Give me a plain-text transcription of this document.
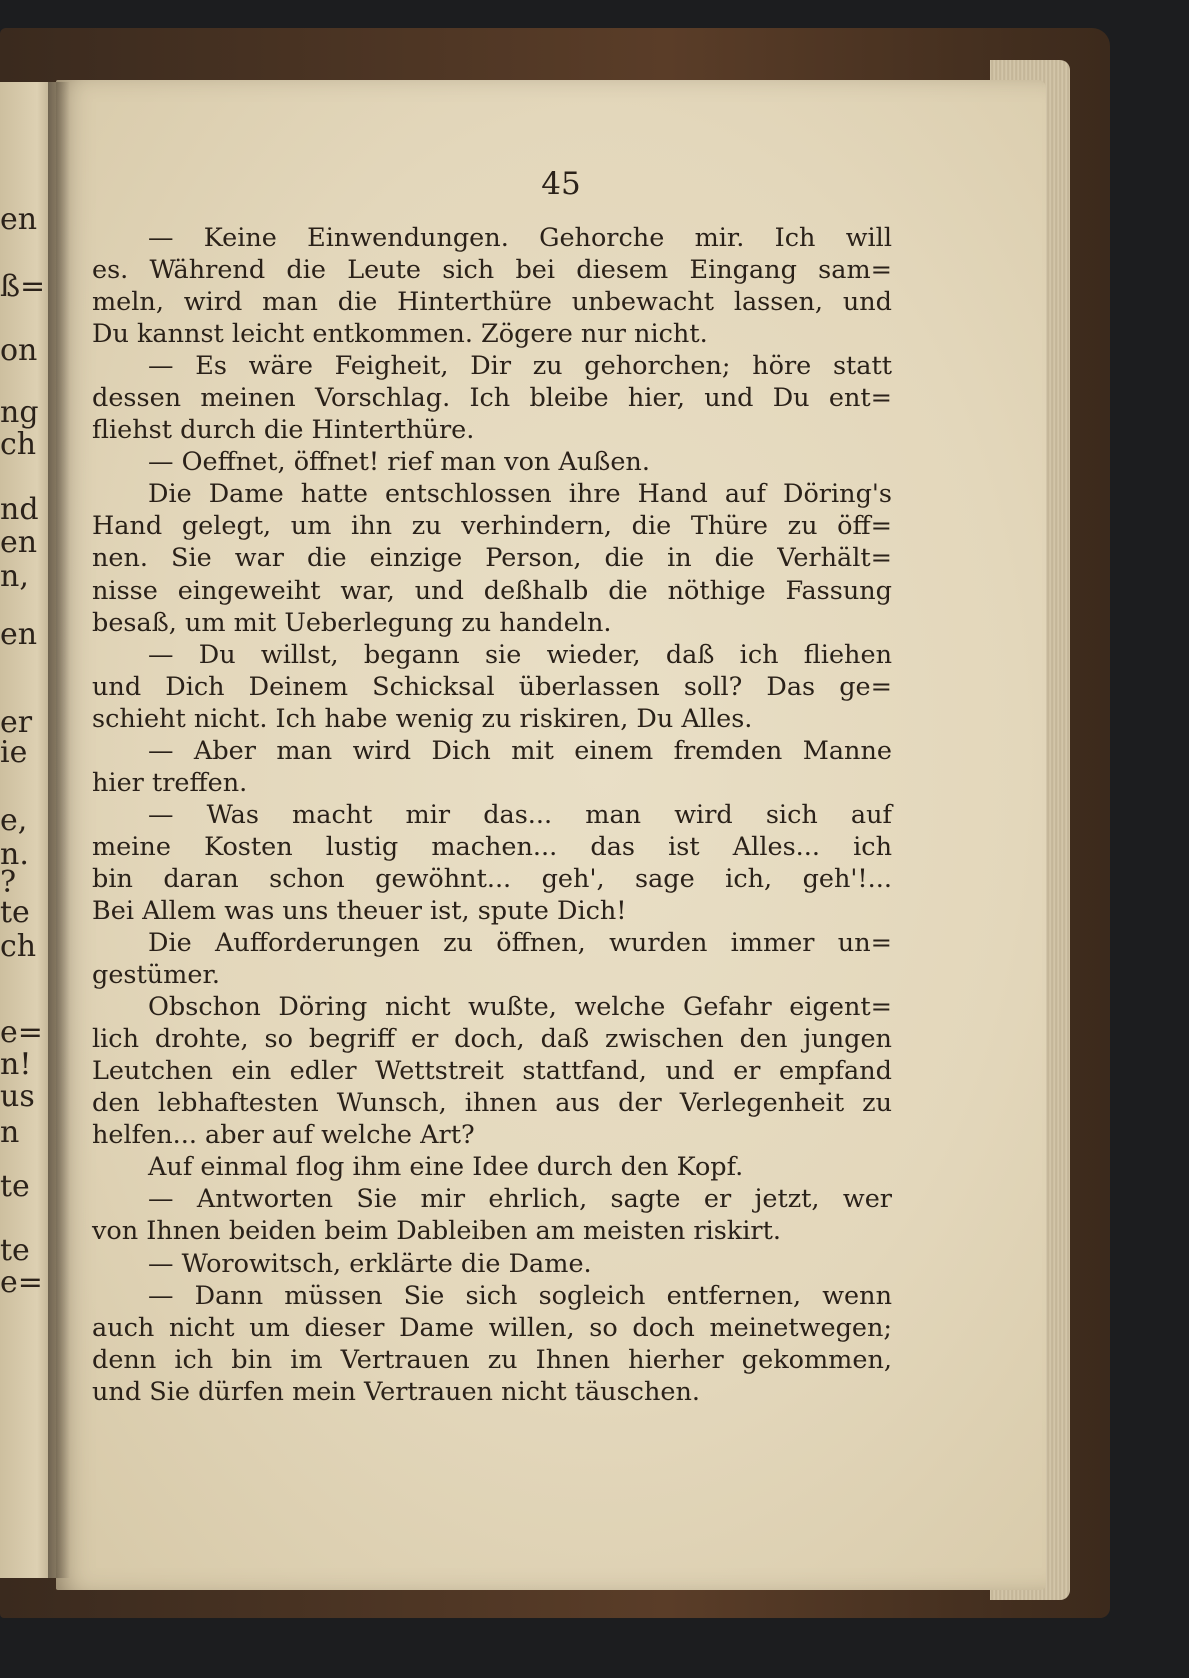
en
ß=
on
ng
ch
nd
en
n,
en
er
ie
e,
n.
?
te
ch
e=
n!
us
n
te
te
e=
45
— Keine Einwendungen. Gehorche mir. Ich will
es. Während die Leute sich bei diesem Eingang sam=
meln, wird man die Hinterthüre unbewacht lassen, und
Du kannst leicht entkommen. Zögere nur nicht.
— Es wäre Feigheit, Dir zu gehorchen; höre statt
dessen meinen Vorschlag. Ich bleibe hier, und Du ent=
fliehst durch die Hinterthüre.
— Oeffnet, öffnet! rief man von Außen.
Die Dame hatte entschlossen ihre Hand auf Döring's
Hand gelegt, um ihn zu verhindern, die Thüre zu öff=
nen. Sie war die einzige Person, die in die Verhält=
nisse eingeweiht war, und deßhalb die nöthige Fassung
besaß, um mit Ueberlegung zu handeln.
— Du willst, begann sie wieder, daß ich fliehen
und Dich Deinem Schicksal überlassen soll? Das ge=
schieht nicht. Ich habe wenig zu riskiren, Du Alles.
— Aber man wird Dich mit einem fremden Manne
hier treffen.
— Was macht mir das... man wird sich auf
meine Kosten lustig machen... das ist Alles... ich
bin daran schon gewöhnt... geh', sage ich, geh'!...
Bei Allem was uns theuer ist, spute Dich!
Die Aufforderungen zu öffnen, wurden immer un=
gestümer.
Obschon Döring nicht wußte, welche Gefahr eigent=
lich drohte, so begriff er doch, daß zwischen den jungen
Leutchen ein edler Wettstreit stattfand, und er empfand
den lebhaftesten Wunsch, ihnen aus der Verlegenheit zu
helfen... aber auf welche Art?
Auf einmal flog ihm eine Idee durch den Kopf.
— Antworten Sie mir ehrlich, sagte er jetzt, wer
von Ihnen beiden beim Dableiben am meisten riskirt.
— Worowitsch, erklärte die Dame.
— Dann müssen Sie sich sogleich entfernen, wenn
auch nicht um dieser Dame willen, so doch meinetwegen;
denn ich bin im Vertrauen zu Ihnen hierher gekommen,
und Sie dürfen mein Vertrauen nicht täuschen.
